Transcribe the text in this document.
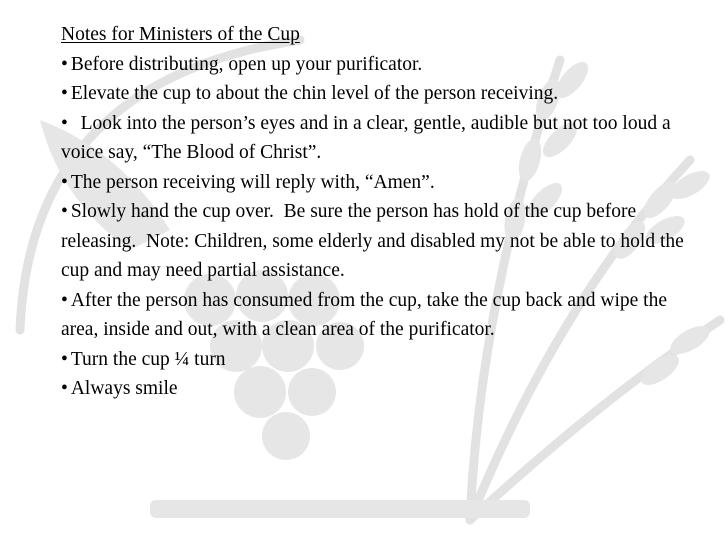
Notes for Ministers of the Cup
• Before distributing, open up your purificator.
• Elevate the cup to about the chin level of the person receiving.
•   Look into the person’s eyes and in a clear, gentle, audible but not too loud a voice say, “The Blood of Christ”.
• The person receiving will reply with, “Amen”.
• Slowly hand the cup over.  Be sure the person has hold of the cup before releasing.  Note: Children, some elderly and disabled my not be able to hold the cup and may need partial assistance.
• After the person has consumed from the cup, take the cup back and wipe the area, inside and out, with a clean area of the purificator.
• Turn the cup ¼ turn
• Always smile
